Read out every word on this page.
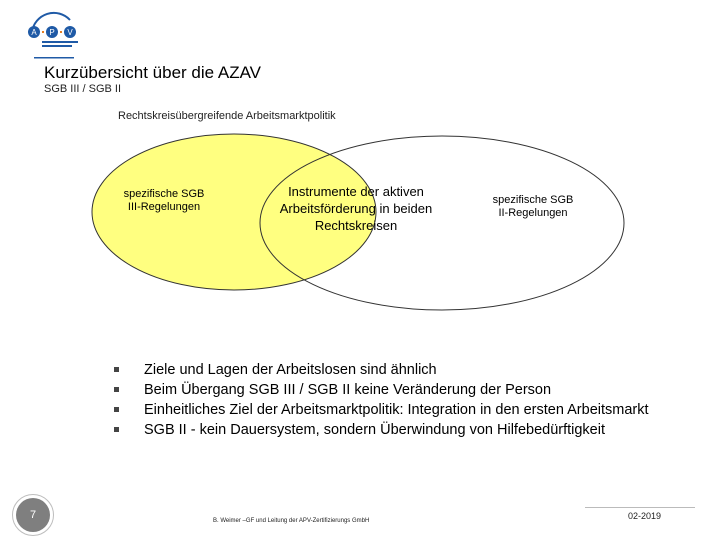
A P V
Kurzübersicht über die AZAV
SGB III / SGB II
Rechtskreisübergreifende Arbeitsmarktpolitik
spezifische SGB III-Regelungen
Instrumente der aktiven Arbeitsförderung in beiden Rechtskreisen
spezifische SGB II-Regelungen
Ziele und Lagen der Arbeitslosen sind ähnlich
Beim Übergang SGB III / SGB II keine Veränderung der Person
Einheitliches Ziel der Arbeitsmarktpolitik: Integration in den ersten Arbeitsmarkt
SGB II - kein Dauersystem, sondern Überwindung von Hilfebedürftigkeit
7	B. Weimer –GF und Leitung der APV-Zertifizierungs GmbH	02-2019
